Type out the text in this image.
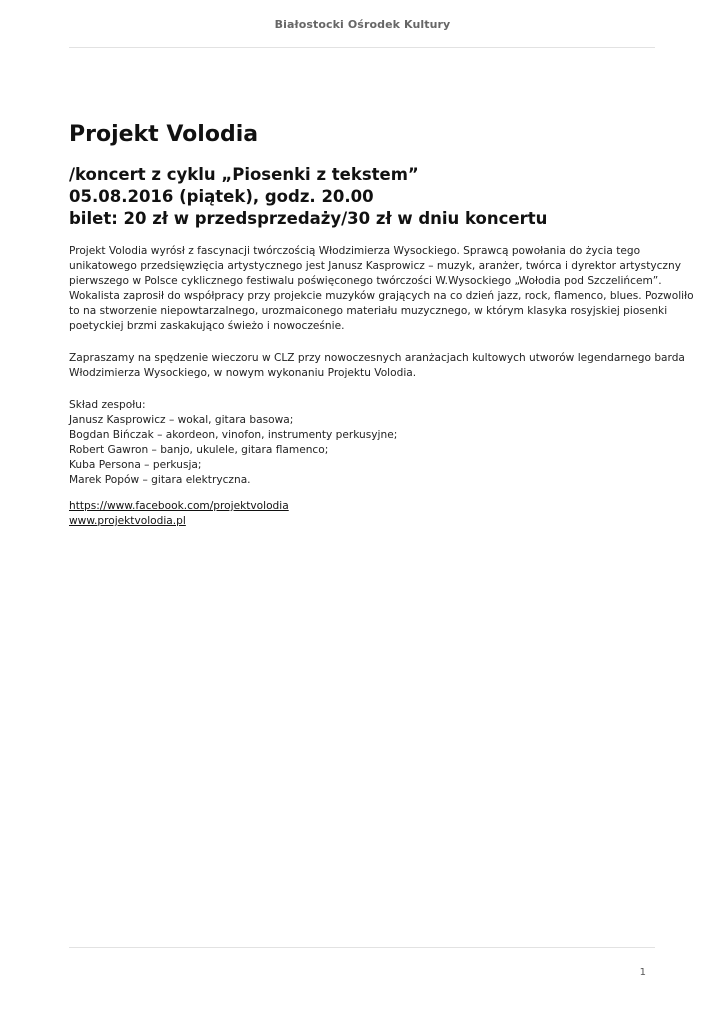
Białostocki Ośrodek Kultury
Projekt Volodia
/koncert z cyklu „Piosenki z tekstem”
05.08.2016 (piątek), godz. 20.00
bilet: 20 zł w przedsprzedaży/30 zł w dniu koncertu
Projekt Volodia wyrósł z fascynacji twórczością Włodzimierza Wysockiego. Sprawcą powołania do życia tego
unikatowego przedsięwzięcia artystycznego jest Janusz Kasprowicz – muzyk, aranżer, twórca i dyrektor artystyczny
pierwszego w Polsce cyklicznego festiwalu poświęconego twórczości W.Wysockiego „Wołodia pod Szczelińcem”.
Wokalista zaprosił do współpracy przy projekcie muzyków grających na co dzień jazz, rock, flamenco, blues. Pozwoliło
to na stworzenie niepowtarzalnego, urozmaiconego materiału muzycznego, w którym klasyka rosyjskiej piosenki
poetyckiej brzmi zaskakująco świeżo i nowocześnie.
Zapraszamy na spędzenie wieczoru w CLZ przy nowoczesnych aranżacjach kultowych utworów legendarnego barda
Włodzimierza Wysockiego, w nowym wykonaniu Projektu Volodia.
Skład zespołu:
Janusz Kasprowicz – wokal, gitara basowa;
Bogdan Bińczak – akordeon, vinofon, instrumenty perkusyjne;
Robert Gawron – banjo, ukulele, gitara flamenco;
Kuba Persona – perkusja;
Marek Popów – gitara elektryczna.
https://www.facebook.com/projektvolodia
www.projektvolodia.pl
1
